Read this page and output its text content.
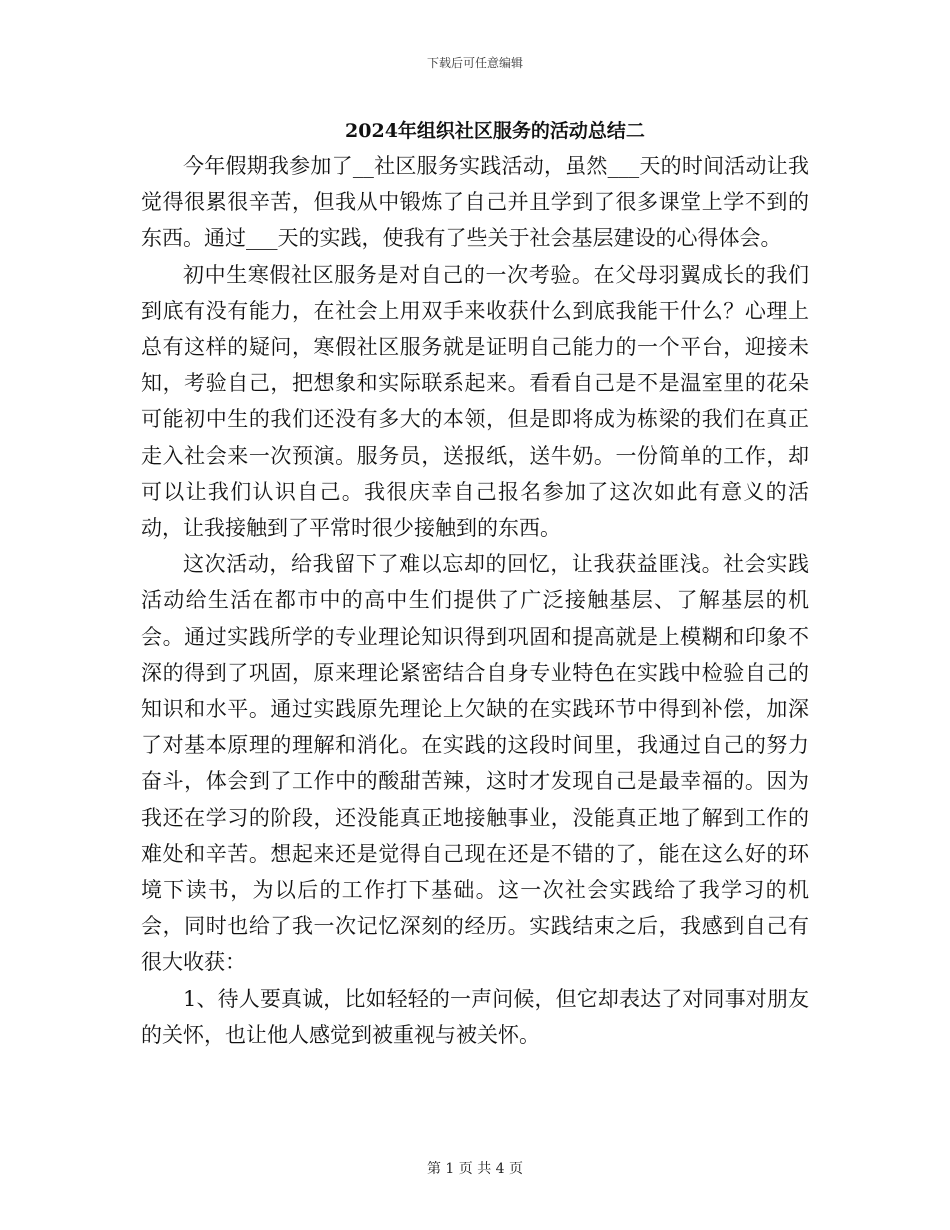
下载后可任意编辑
2024年组织社区服务的活动总结二

今年假期我参加了__社区服务实践活动，虽然___天的时间活动让我觉得很累很辛苦，但我从中锻炼了自己并且学到了很多课堂上学不到的东西。通过___天的实践，使我有了些关于社会基层建设的心得体会。

初中生寒假社区服务是对自己的一次考验。在父母羽翼成长的我们到底有没有能力，在社会上用双手来收获什么到底我能干什么？心理上总有这样的疑问，寒假社区服务就是证明自己能力的一个平台，迎接未知，考验自己，把想象和实际联系起来。看看自己是不是温室里的花朵可能初中生的我们还没有多大的本领，但是即将成为栋梁的我们在真正走入社会来一次预演。服务员，送报纸，送牛奶。一份简单的工作，却可以让我们认识自己。我很庆幸自己报名参加了这次如此有意义的活动，让我接触到了平常时很少接触到的东西。

这次活动，给我留下了难以忘却的回忆，让我获益匪浅。社会实践活动给生活在都市中的高中生们提供了广泛接触基层、了解基层的机会。通过实践所学的专业理论知识得到巩固和提高就是上模糊和印象不深的得到了巩固，原来理论紧密结合自身专业特色在实践中检验自己的知识和水平。通过实践原先理论上欠缺的在实践环节中得到补偿，加深了对基本原理的理解和消化。在实践的这段时间里，我通过自己的努力奋斗，体会到了工作中的酸甜苦辣，这时才发现自己是最幸福的。因为我还在学习的阶段，还没能真正地接触事业，没能真正地了解到工作的难处和辛苦。想起来还是觉得自己现在还是不错的了，能在这么好的环境下读书，为以后的工作打下基础。这一次社会实践给了我学习的机会，同时也给了我一次记忆深刻的经历。实践结束之后，我感到自己有很大收获：

1、待人要真诚，比如轻轻的一声问候，但它却表达了对同事对朋友的关怀，也让他人感觉到被重视与被关怀。

第 1 页 共 4 页
